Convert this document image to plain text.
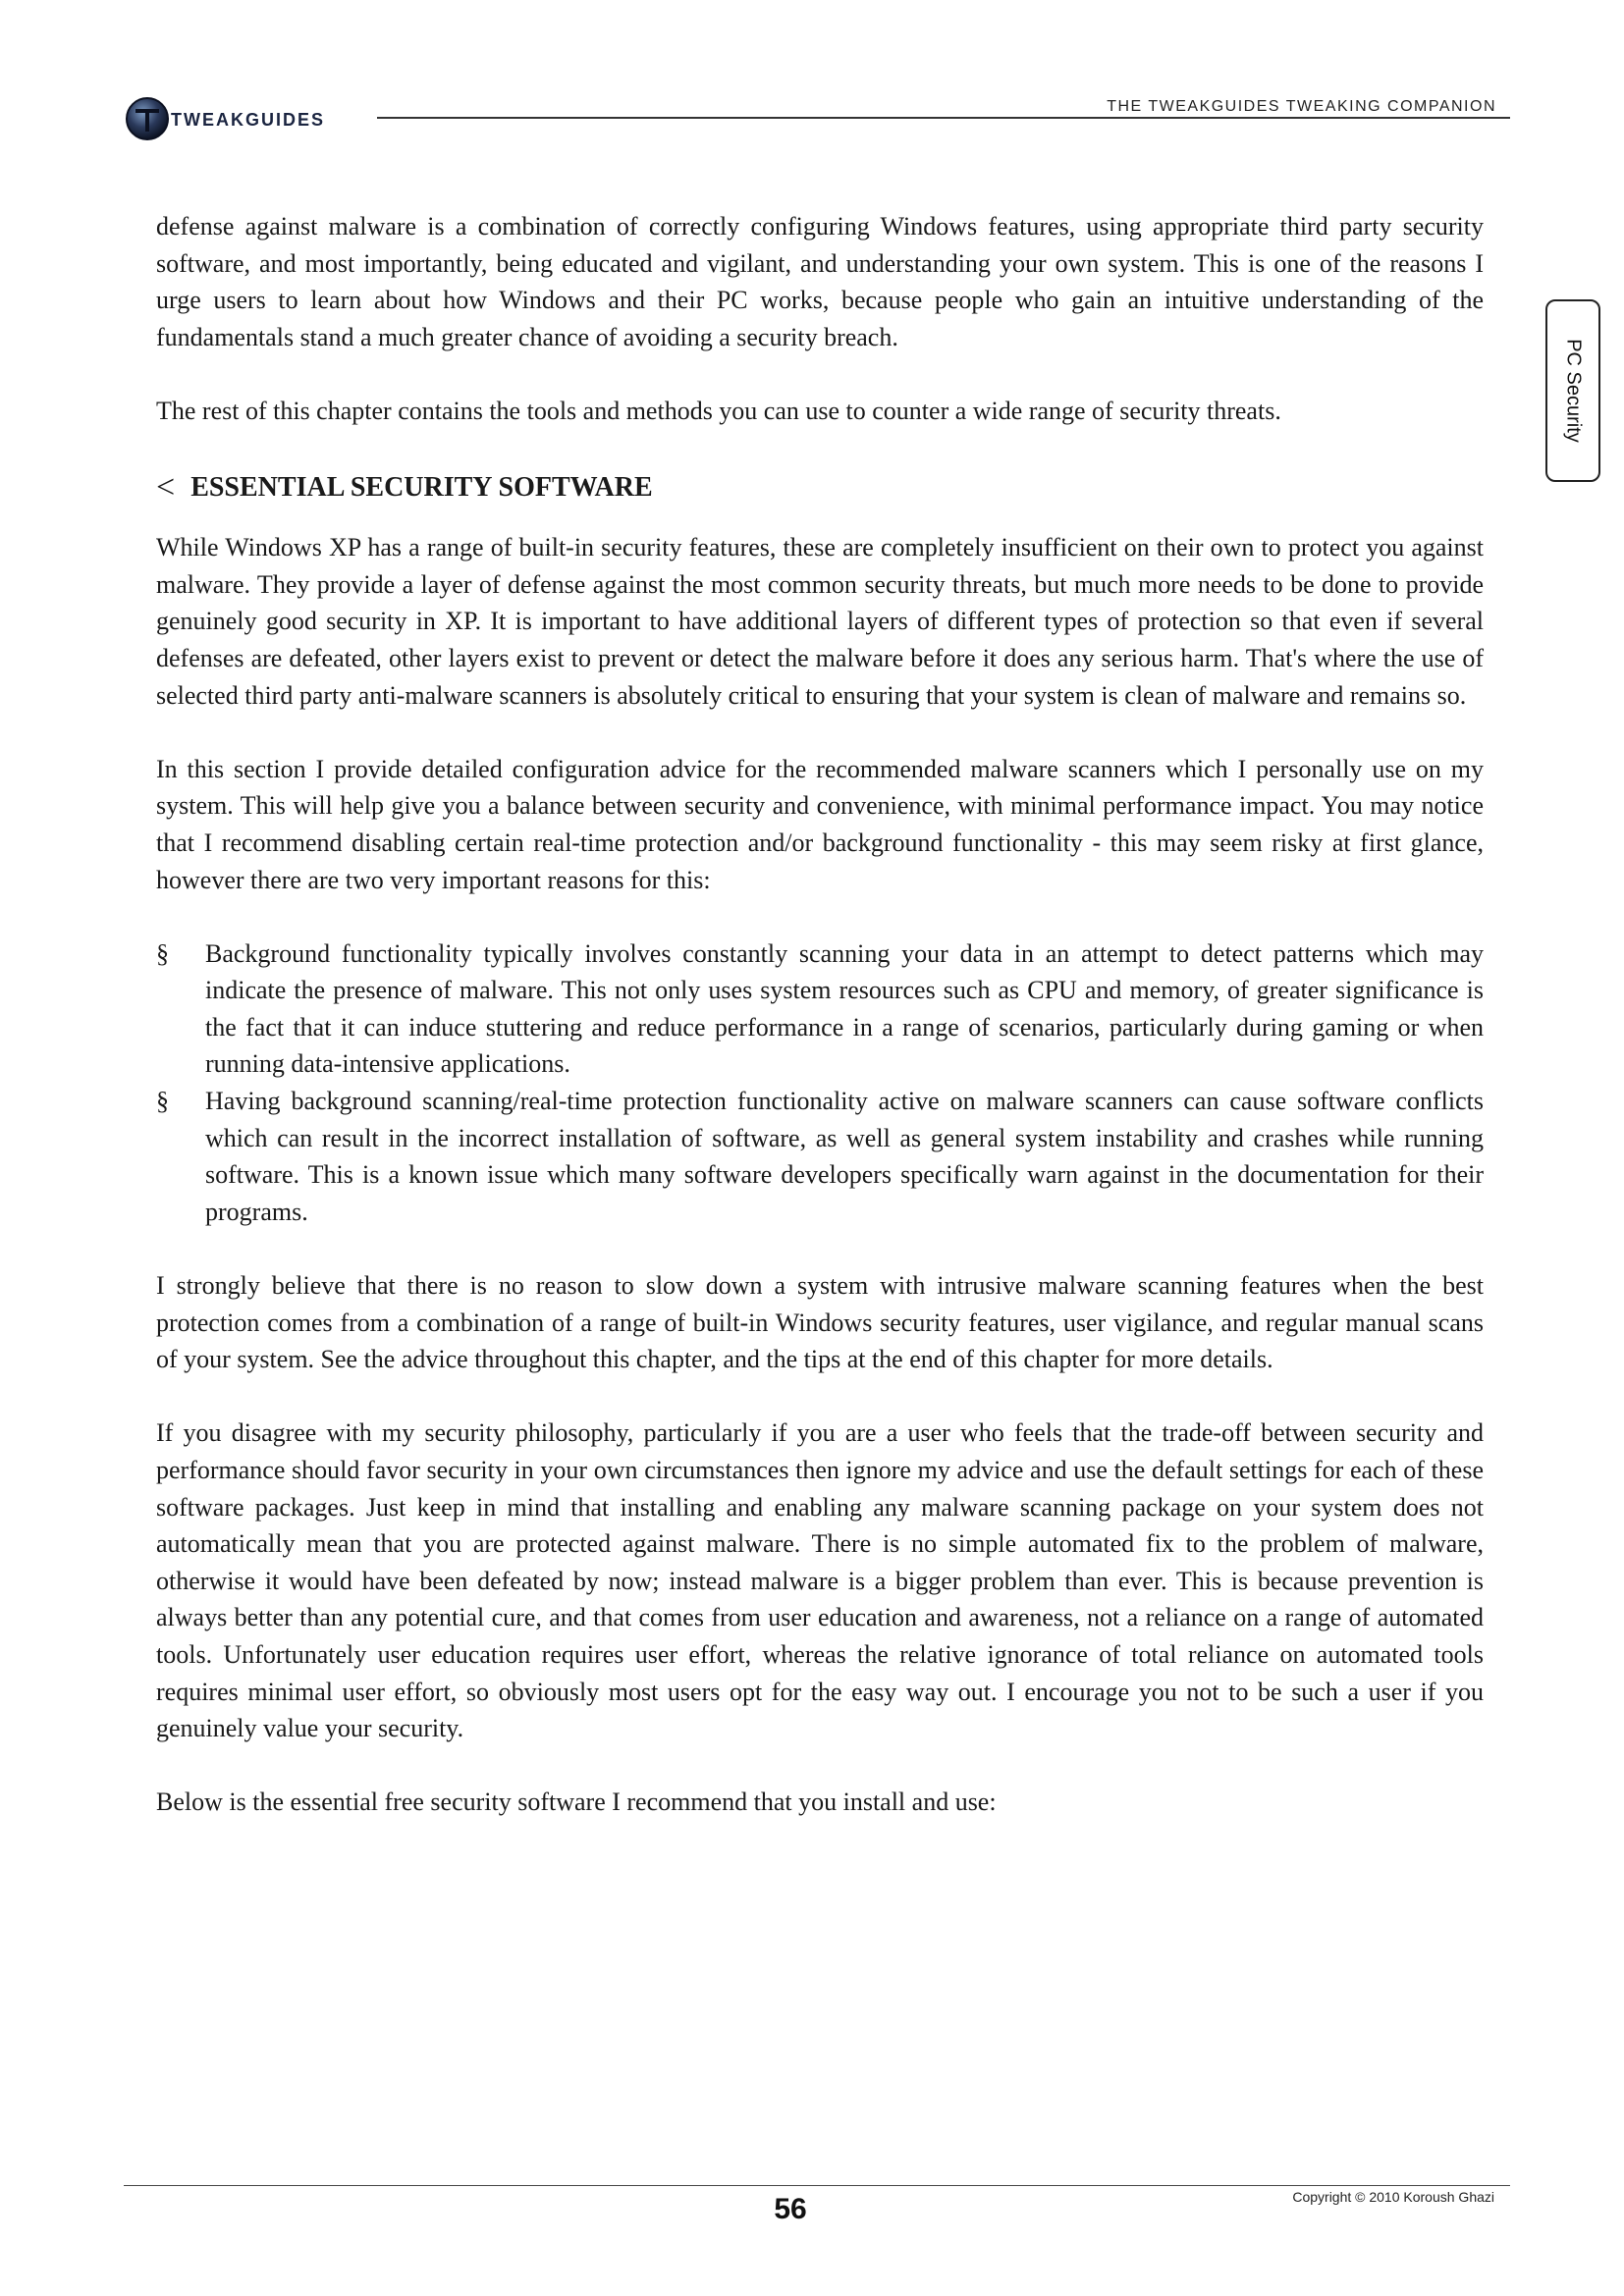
TWEAKGUIDES
THE TWEAKGUIDES TWEAKING COMPANION
PC Security

defense against malware is a combination of correctly configuring Windows features, using appropriate third party security software, and most importantly, being educated and vigilant, and understanding your own system. This is one of the reasons I urge users to learn about how Windows and their PC works, because people who gain an intuitive understanding of the fundamentals stand a much greater chance of avoiding a security breach.

The rest of this chapter contains the tools and methods you can use to counter a wide range of security threats.

< ESSENTIAL SECURITY SOFTWARE

While Windows XP has a range of built-in security features, these are completely insufficient on their own to protect you against malware. They provide a layer of defense against the most common security threats, but much more needs to be done to provide genuinely good security in XP. It is important to have additional layers of different types of protection so that even if several defenses are defeated, other layers exist to prevent or detect the malware before it does any serious harm. That's where the use of selected third party anti-malware scanners is absolutely critical to ensuring that your system is clean of malware and remains so.

In this section I provide detailed configuration advice for the recommended malware scanners which I personally use on my system. This will help give you a balance between security and convenience, with minimal performance impact. You may notice that I recommend disabling certain real-time protection and/or background functionality - this may seem risky at first glance, however there are two very important reasons for this:

§ Background functionality typically involves constantly scanning your data in an attempt to detect patterns which may indicate the presence of malware. This not only uses system resources such as CPU and memory, of greater significance is the fact that it can induce stuttering and reduce performance in a range of scenarios, particularly during gaming or when running data-intensive applications.
§ Having background scanning/real-time protection functionality active on malware scanners can cause software conflicts which can result in the incorrect installation of software, as well as general system instability and crashes while running software. This is a known issue which many software developers specifically warn against in the documentation for their programs.

I strongly believe that there is no reason to slow down a system with intrusive malware scanning features when the best protection comes from a combination of a range of built-in Windows security features, user vigilance, and regular manual scans of your system. See the advice throughout this chapter, and the tips at the end of this chapter for more details.

If you disagree with my security philosophy, particularly if you are a user who feels that the trade-off between security and performance should favor security in your own circumstances then ignore my advice and use the default settings for each of these software packages. Just keep in mind that installing and enabling any malware scanning package on your system does not automatically mean that you are protected against malware. There is no simple automated fix to the problem of malware, otherwise it would have been defeated by now; instead malware is a bigger problem than ever. This is because prevention is always better than any potential cure, and that comes from user education and awareness, not a reliance on a range of automated tools. Unfortunately user education requires user effort, whereas the relative ignorance of total reliance on automated tools requires minimal user effort, so obviously most users opt for the easy way out. I encourage you not to be such a user if you genuinely value your security.

Below is the essential free security software I recommend that you install and use:

56	Copyright © 2010 Koroush Ghazi
